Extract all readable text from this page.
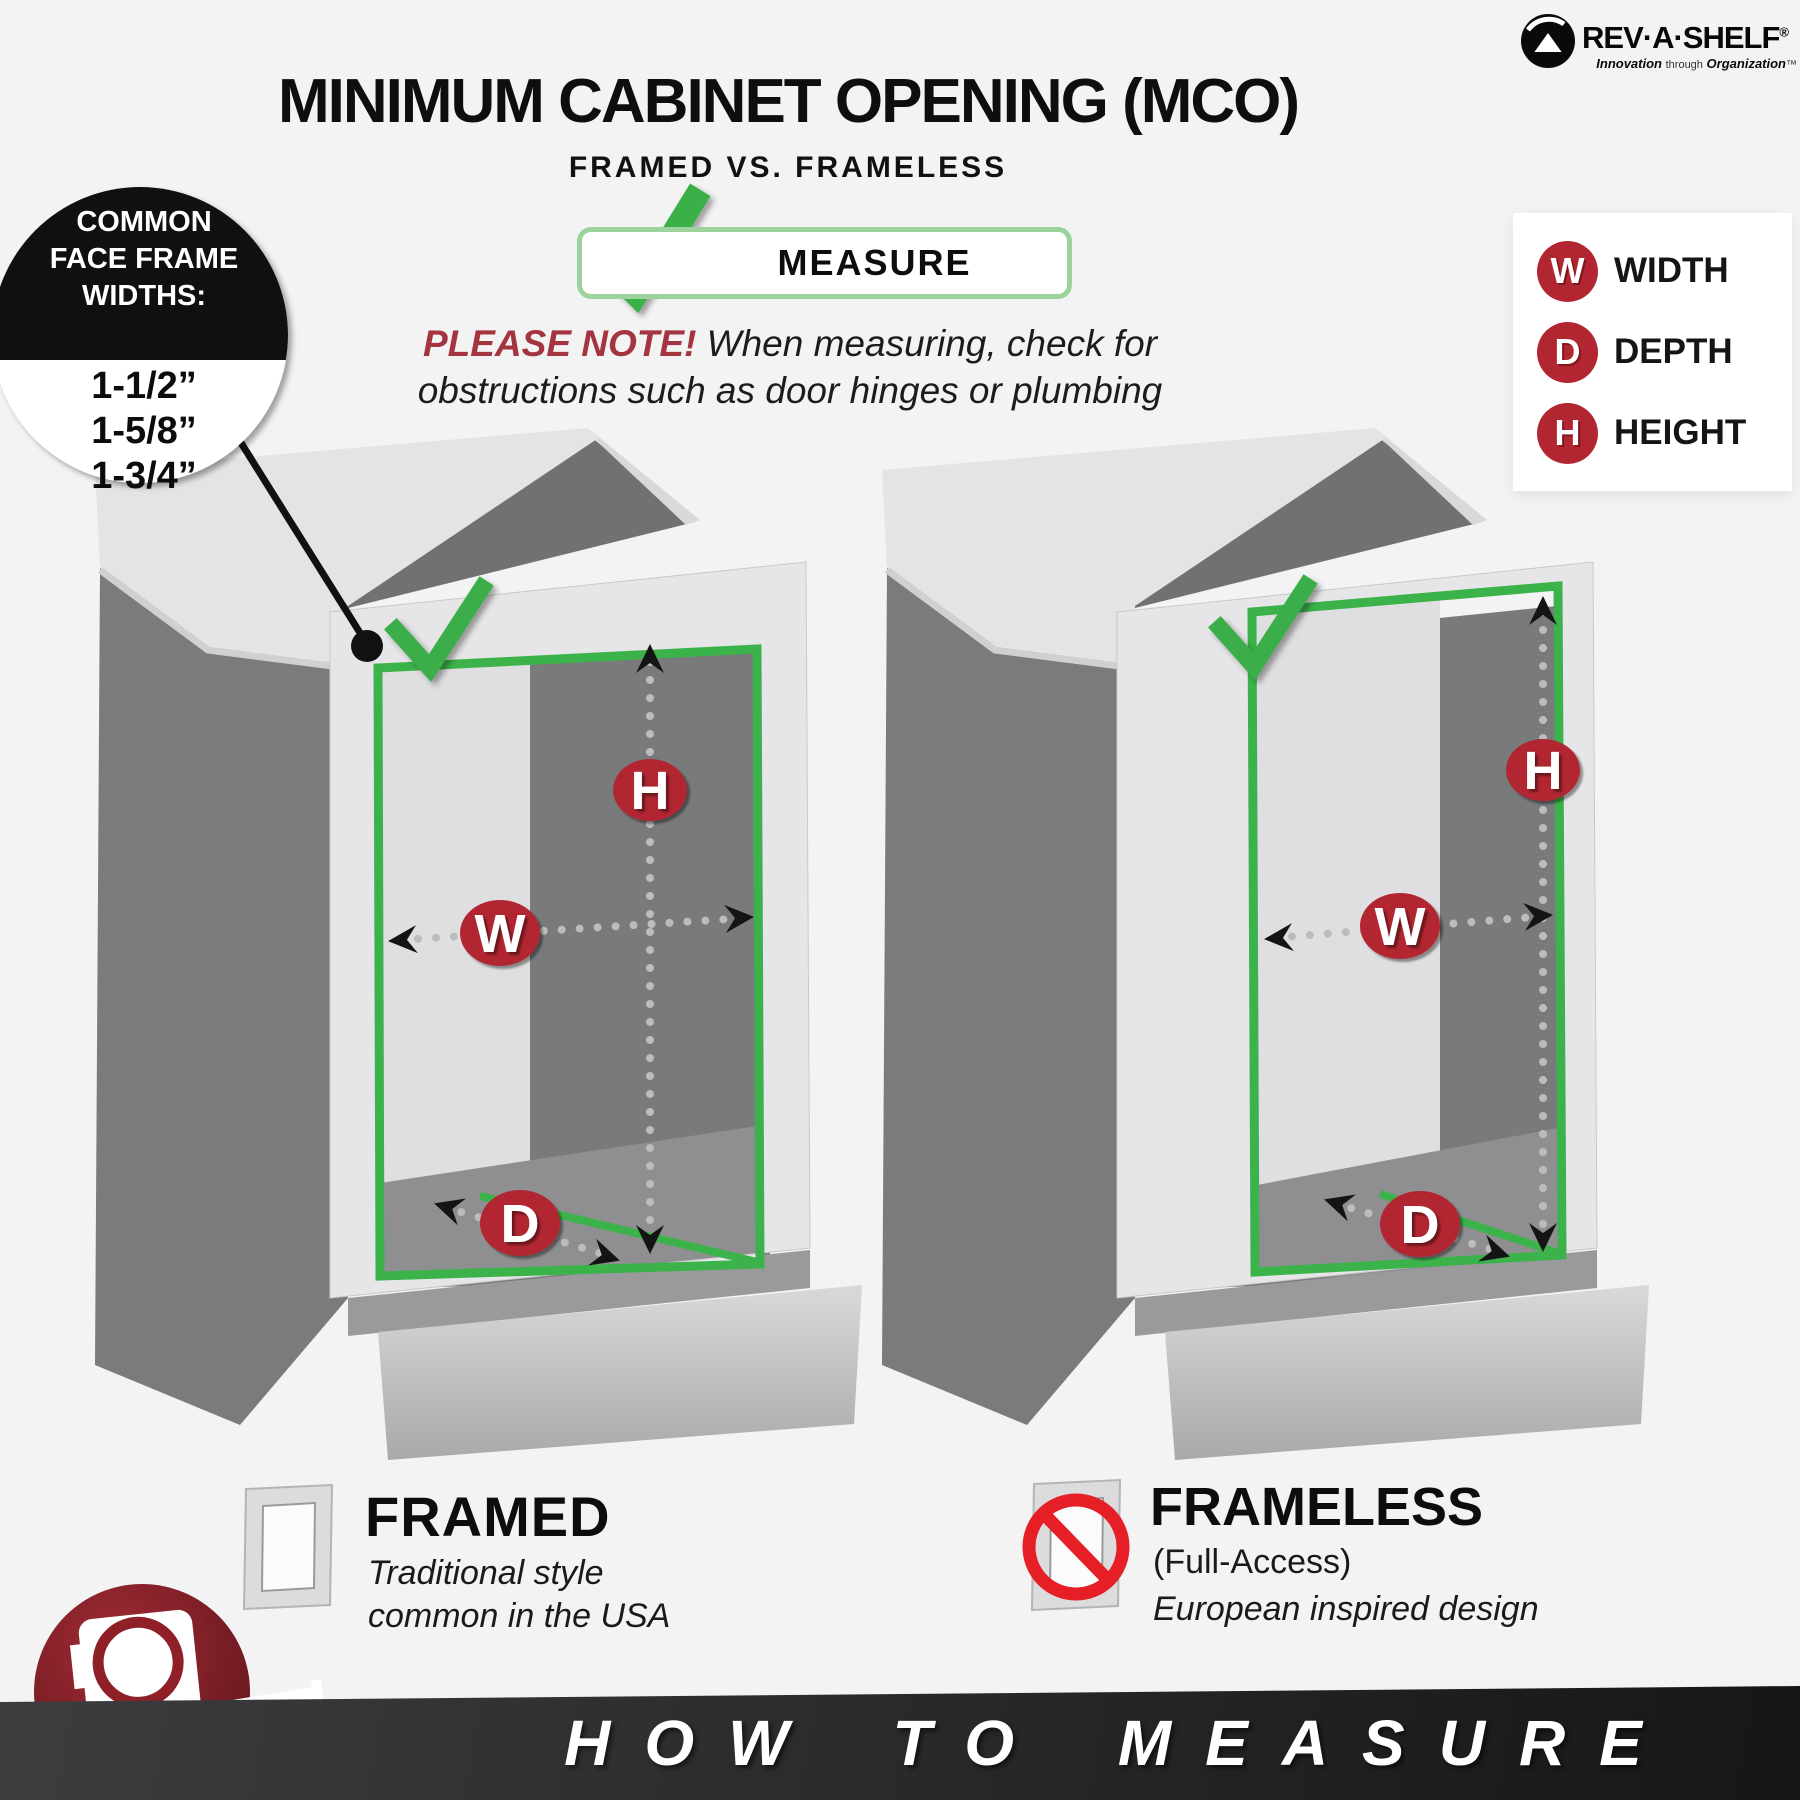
H
W
D
H
W
D
MINIMUM CABINET OPENING (MCO)
FRAMED VS. FRAMELESS
REV·A·SHELF®
Innovation through Organization™
COMMON
FACE FRAME
WIDTHS:
1-1/2”
1-5/8”
1-3/4”
MEASURE
PLEASE NOTE! When measuring, check for
obstructions such as door hinges or plumbing
W WIDTH
D DEPTH
H HEIGHT
FRAMED
Traditional style
common in the USA
FRAMELESS
(Full-Access)
European inspired design
HOW TO MEASURE
